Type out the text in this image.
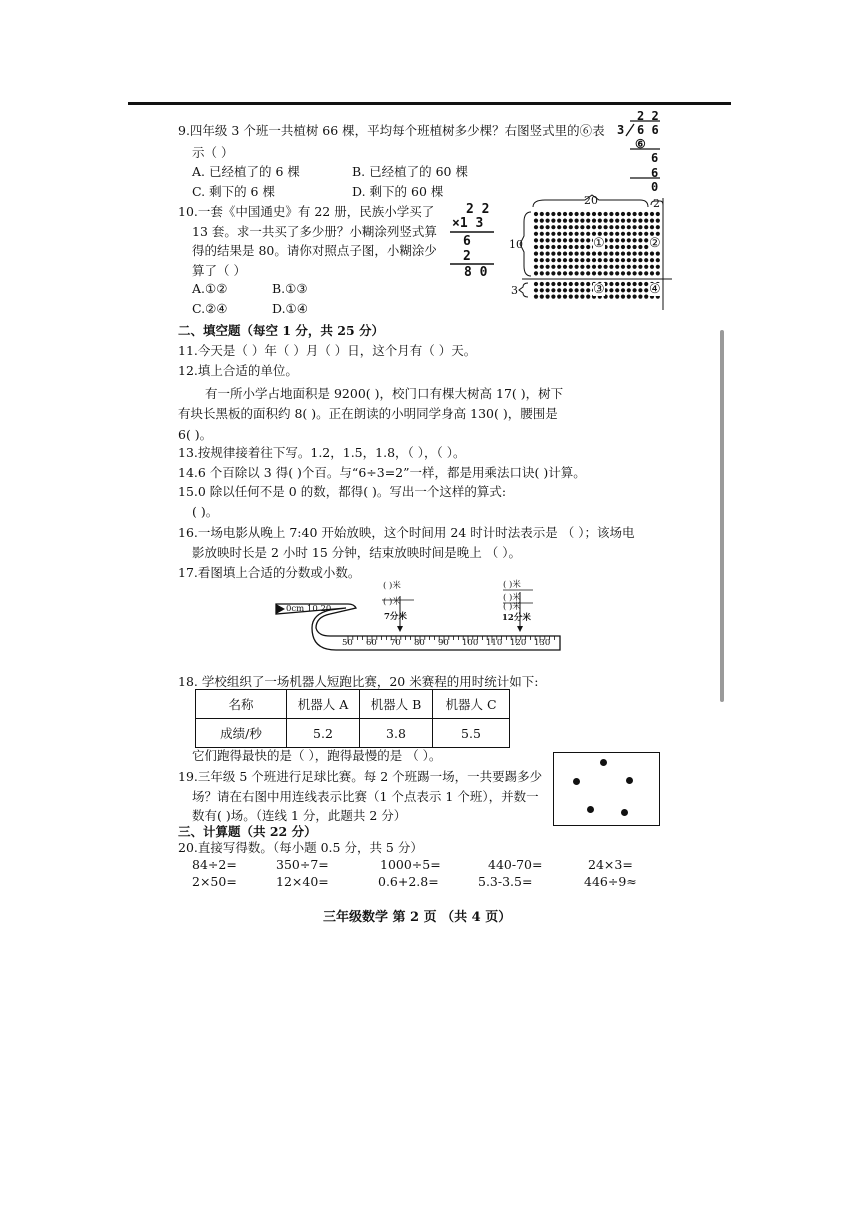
9.四年级 3 个班一共植树 66 棵，平均每个班植树多少棵？右图竖式里的⑥表
示（ ）
A. 已经植了的 6 棵	B. 已经植了的 60 棵
C. 剩下的 6 棵	D. 剩下的 60 棵
2 2
3 6 6
⑥
6
6
0
10.一套《中国通史》有 22 册，民族小学买了
13 套。求一共买了多少册？小糊涂列竖式算
得的结果是 80。请你对照点子图，小糊涂少
算了（ ）
A.①②	B.①③
C.②④	D.①④
2 2
×1 3
6
2
8 0
20	2
10
3
①	②
③	④
二、填空题（每空 1 分，共 25 分）
11.今天是（ ）年（ ）月（ ）日，这个月有（ ）天。
12.填上合适的单位。
有一所小学占地面积是 9200( )，校门口有棵大树高 17( )，树下
有块长黑板的面积约 8( )。正在朗读的小明同学身高 130( )，腰围是
6( )。
13.按规律接着往下写。1.2，1.5，1.8，（ ），（ ）。
14.6 个百除以 3 得( )个百。与“6÷3=2”一样，都是用乘法口诀( )计算。
15.0 除以任何不是 0 的数，都得( )。写出一个这样的算式:
( )。
16.一场电影从晚上 7:40 开始放映，这个时间用 24 时计时法表示是 （ ）；该场电
影放映时长是 2 小时 15 分钟，结束放映时间是晚上 （ ）。
17.看图填上合适的分数或小数。
0cm 10 20
50 60 70 80 90 100 110 120 130
( )米
( )米
7分米
( )米
( )米
( )米
12分米
18. 学校组织了一场机器人短跑比赛，20 米赛程的用时统计如下:
名称	机器人 A	机器人 B	机器人 C
成绩/秒	5.2	3.8	5.5
它们跑得最快的是（ ），跑得最慢的是 （ ）。
19.三年级 5 个班进行足球比赛。每 2 个班踢一场，一共要踢多少
场？请在右图中用连线表示比赛（1 个点表示 1 个班），并数一
数有( )场。（连线 1 分，此题共 2 分）
三、计算题（共 22 分）
20.直接写得数。（每小题 0.5 分，共 5 分）
84÷2=	350÷7=	1000÷5=	440-70=	24×3=
2×50=	12×40=	0.6+2.8=	5.3-3.5=	446÷9≈
三年级数学 第 2 页 （共 4 页）
